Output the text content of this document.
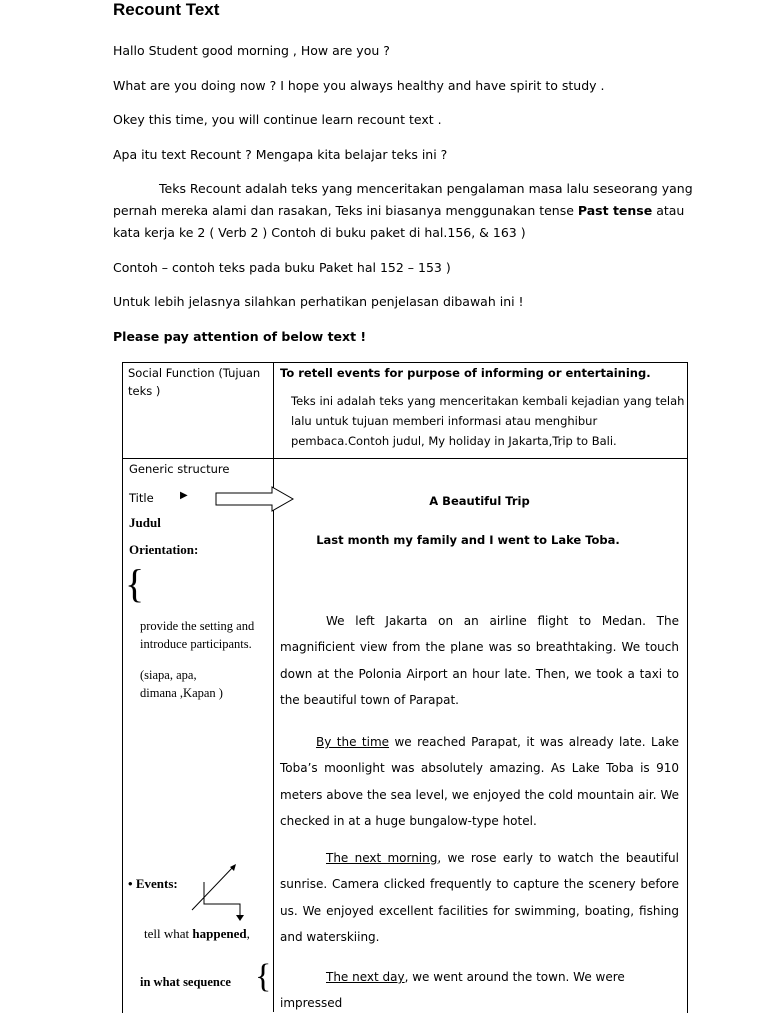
Recount Text
Hallo Student good morning , How are you ?
What are you doing now ? I hope you always healthy and have spirit to study .
Okey this time, you will continue learn recount text .
Apa itu text Recount ? Mengapa kita belajar teks ini ?
Teks Recount adalah teks yang menceritakan pengalaman masa lalu seseorang yang
pernah mereka alami dan rasakan, Teks ini biasanya menggunakan tense Past tense atau
kata kerja ke 2 ( Verb 2 ) Contoh di buku paket di hal.156, & 163 )
Contoh – contoh teks pada buku Paket hal 152 – 153 )
Untuk lebih jelasnya silahkan perhatikan penjelasan dibawah ini !
Please pay attention of below text !
Social Function (Tujuan teks )
To retell events for purpose of informing or entertaining.
Teks ini adalah teks yang menceritakan kembali kejadian yang telah
lalu untuk tujuan memberi informasi atau menghibur
pembaca.Contoh judul, My holiday in Jakarta,Trip to Bali.
Generic structure
Title	▶
Judul
Orientation:
{
provide the setting and
introduce participants.
(siapa, apa,
dimana ,Kapan )
• Events:
tell what happened,
in what sequence {
A Beautiful Trip
Last month my family and I went to Lake Toba.

We left Jakarta on an airline flight to Medan. The magnificient view from the plane was so breathtaking. We touch down at the Polonia Airport an hour late. Then, we took a taxi to the beautiful town of Parapat.

By the time we reached Parapat, it was already late. Lake Toba’s moonlight was absolutely amazing. As Lake Toba is 910 meters above the sea level, we enjoyed the cold mountain air. We checked in at a huge bungalow-type hotel.

The next morning, we rose early to watch the beautiful sunrise. Camera clicked frequently to capture the scenery before us. We enjoyed excellent facilities for swimming, boating, fishing and waterskiing.

The next day, we went around the town. We were impressed
